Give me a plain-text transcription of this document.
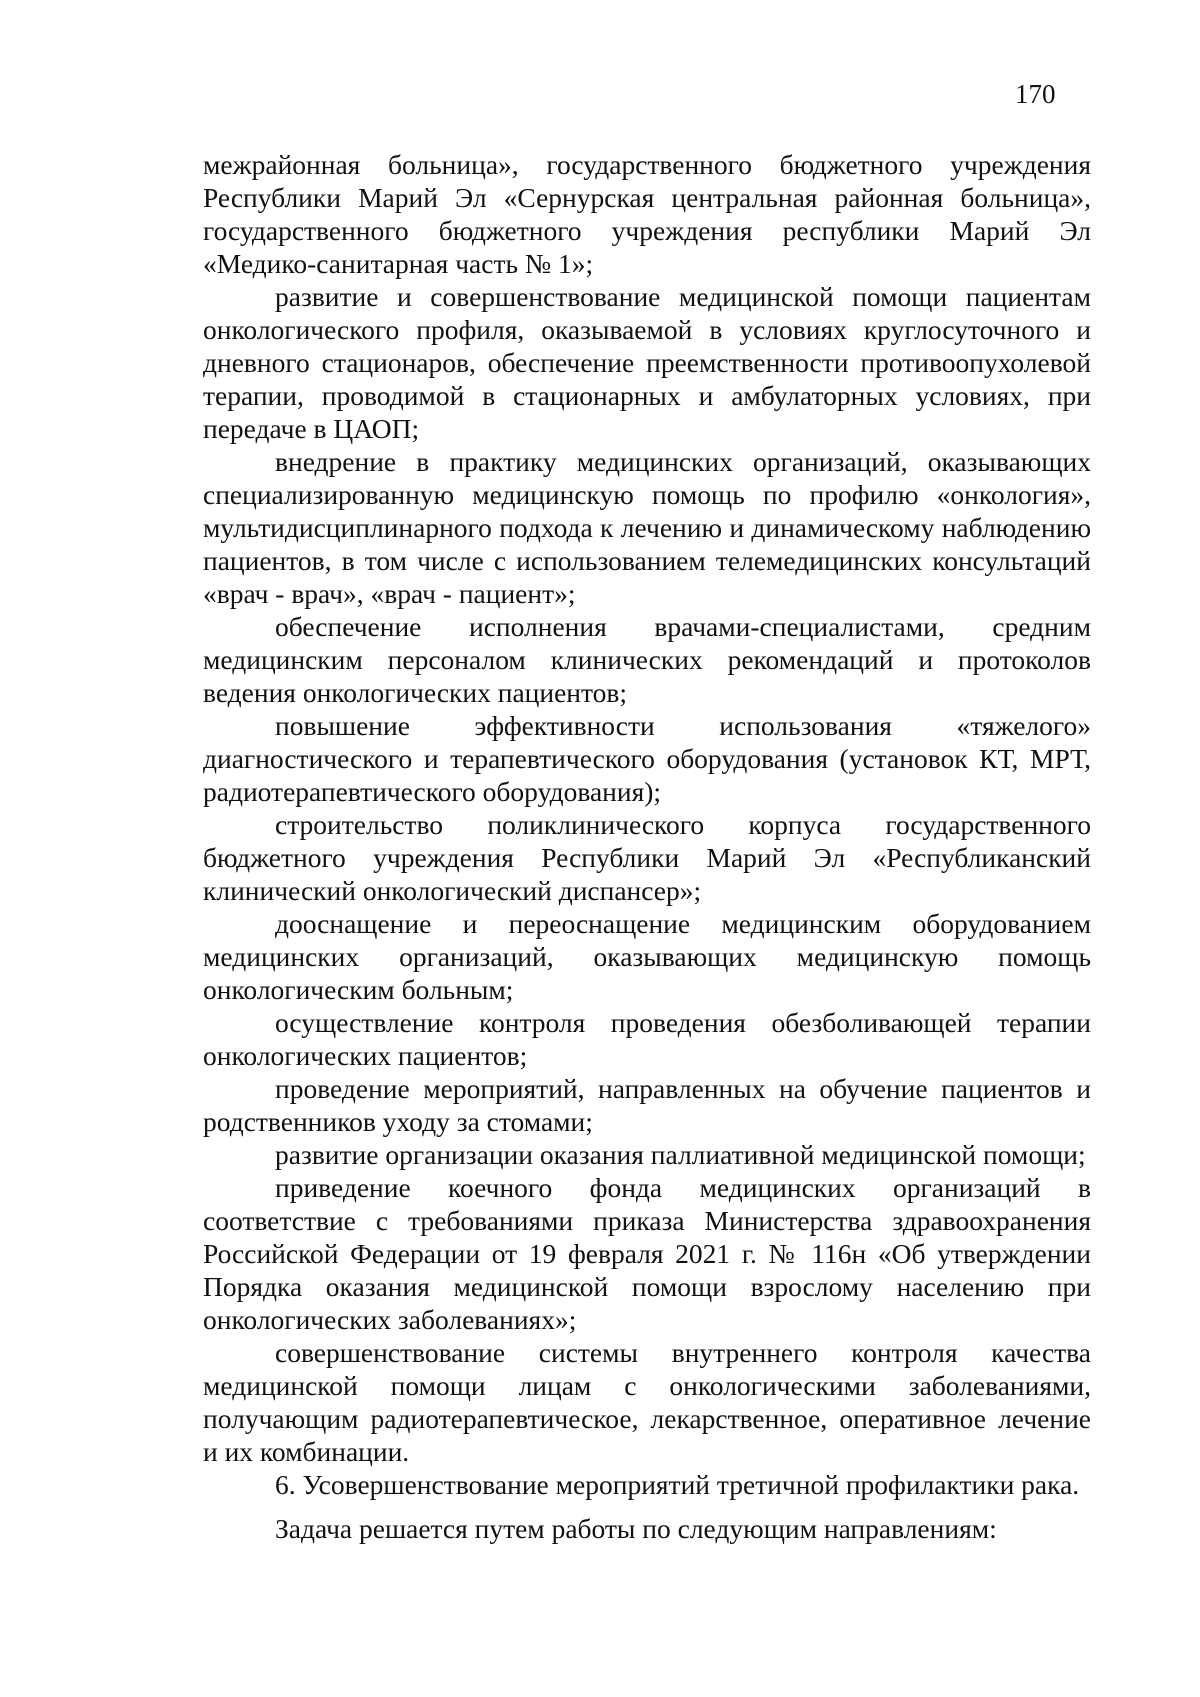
170

межрайонная больница», государственного бюджетного учреждения Республики Марий Эл «Сернурская центральная районная больница», государственного бюджетного учреждения республики Марий Эл «Медико-санитарная часть № 1»;

развитие и совершенствование медицинской помощи пациентам онкологического профиля, оказываемой в условиях круглосуточного и дневного стационаров, обеспечение преемственности противоопухолевой терапии, проводимой в стационарных и амбулаторных условиях, при передаче в ЦАОП;

внедрение в практику медицинских организаций, оказывающих специализированную медицинскую помощь по профилю «онкология», мультидисциплинарного подхода к лечению и динамическому наблюдению пациентов, в том числе с использованием телемедицинских консультаций «врач - врач», «врач - пациент»;

обеспечение исполнения врачами-специалистами, средним медицинским персоналом клинических рекомендаций и протоколов ведения онкологических пациентов;

повышение эффективности использования «тяжелого» диагностического и терапевтического оборудования (установок КТ, МРТ, радиотерапевтического оборудования);

строительство поликлинического корпуса государственного бюджетного учреждения Республики Марий Эл «Республиканский клинический онкологический диспансер»;

дооснащение и переоснащение медицинским оборудованием медицинских организаций, оказывающих медицинскую помощь онкологическим больным;

осуществление контроля проведения обезболивающей терапии онкологических пациентов;

проведение мероприятий, направленных на обучение пациентов и родственников уходу за стомами;

развитие организации оказания паллиативной медицинской помощи;

приведение коечного фонда медицинских организаций в соответствие с требованиями приказа Министерства здравоохранения Российской Федерации от 19 февраля 2021 г. № 116н «Об утверждении Порядка оказания медицинской помощи взрослому населению при онкологических заболеваниях»;

совершенствование системы внутреннего контроля качества медицинской помощи лицам с онкологическими заболеваниями, получающим радиотерапевтическое, лекарственное, оперативное лечение и их комбинации.

6. Усовершенствование мероприятий третичной профилактики рака.

Задача решается путем работы по следующим направлениям:
